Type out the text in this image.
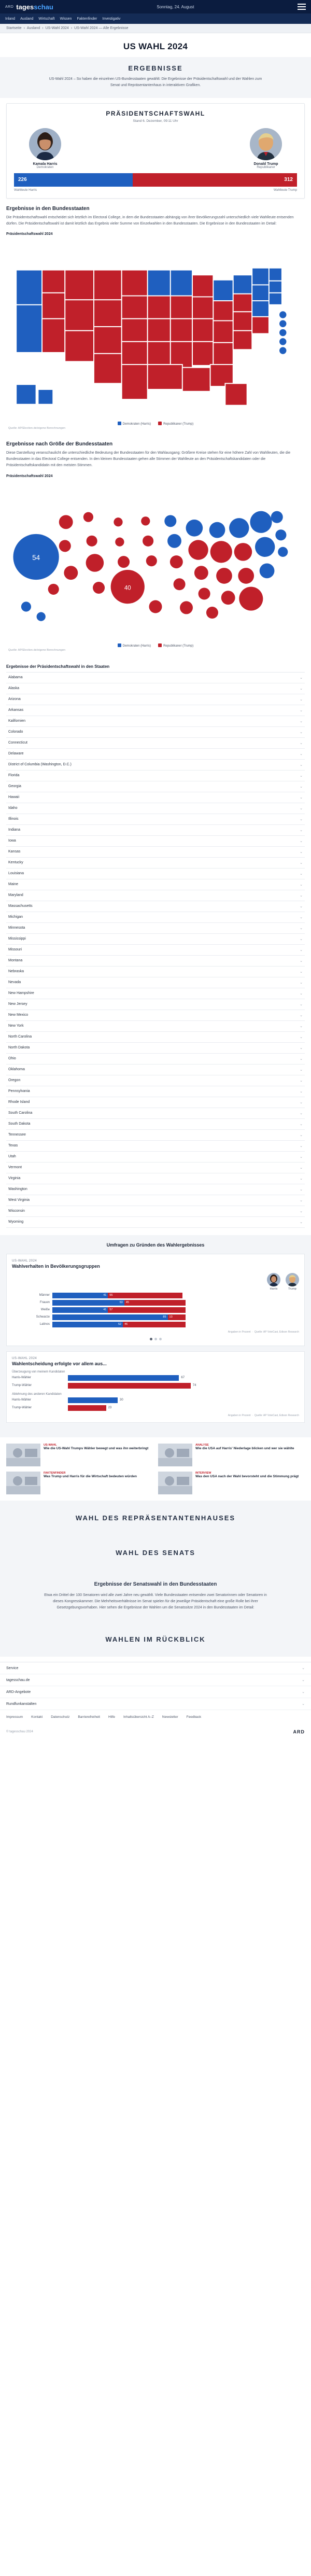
ARD tagesschau	Sonntag, 24. August
Inland Ausland Wirtschaft Wissen Faktenfinder Investigativ
Startseite › Ausland › US-Wahl 2024 › US-Wahl 2024 — Alle Ergebnisse
US WAHL 2024
ERGEBNISSE

US-Wahl 2024 – So haben die einzelnen US-Bundesstaaten gewählt: Die Ergebnisse der Präsidentschaftswahl und der Wahlen zum Senat und Repräsentantenhaus in interaktiven Grafiken.

PRÄSIDENTSCHAFTSWAHL
Stand 6. Dezember, 09:11 Uhr
Kamala Harris
Demokraten

Donald Trump
Republikaner
226	312
Wahlleute Harris	Wahlleute Trump
Ergebnisse in den Bundesstaaten

Die Präsidentschaftswahl entscheidet sich letztlich im Electoral College, in dem die Bundesstaaten abhängig von ihrer Bevölkerungszahl unterschiedlich viele Wahlleute entsenden dürfen. Die Präsidentschaftswahl ist damit letztlich das Ergebnis vieler Summe von Einzelwahlen in den Bundesstaaten. Die Ergebnisse in den Bundesstaaten im Detail:

Präsidentschaftswahl 2024
Demokraten (Harris)	Republikaner (Trump)
Quelle: AP/Election.de/eigene Berechnungen
Ergebnisse nach Größe der Bundesstaaten

Diese Darstellung veranschaulicht die unterschiedliche Bedeutung der Bundesstaaten für den Wahlausgang: Größere Kreise stehen für eine höhere Zahl von Wahlleuten, die die Bundesstaaten in das Electoral College entsenden. In den kleinen Bundesstaaten gehen alle Stimmen der Wahlleute an den Präsidentschaftskandidaten oder die Präsidentschaftskandidatin mit den meisten Stimmen.

Präsidentschaftswahl 2024
54
40
Demokraten (Harris)	Republikaner (Trump)
Quelle: AP/Election.de/eigene Berechnungen
Ergebnisse der Präsidentschaftswahl in den Staaten
Alabama	⌄
Alaska	⌄
Arizona	⌄
Arkansas	⌄
Kalifornien	⌄
Colorado	⌄
Connecticut	⌄
Delaware	⌄
District of Columbia (Washington, D.C.)	⌄
Florida	⌄
Georgia	⌄
Hawaii	⌄
Idaho	⌄
Illinois	⌄
Indiana	⌄
Iowa	⌄
Kansas	⌄
Kentucky	⌄
Louisiana	⌄
Maine	⌄
Maryland	⌄
Massachusetts	⌄
Michigan	⌄
Minnesota	⌄
Mississippi	⌄
Missouri	⌄
Montana	⌄
Nebraska	⌄
Nevada	⌄
New Hampshire	⌄
New Jersey	⌄
New Mexico	⌄
New York	⌄
North Carolina	⌄
North Dakota	⌄
Ohio	⌄
Oklahoma	⌄
Oregon	⌄
Pennsylvania	⌄
Rhode Island	⌄
South Carolina	⌄
South Dakota	⌄
Tennessee	⌄
Texas	⌄
Utah	⌄
Vermont	⌄
Virginia	⌄
Washington	⌄
West Virginia	⌄
Wisconsin	⌄
Wyoming	⌄
Umfragen zu Gründen des Wahlergebnisses
US-WAHL 2024
Wahlverhalten in Bevölkerungsgruppen
Harris	Trump
Männer	41	55
Frauen	53	45
Weiße	41	57
Schwarze	85	13
Latinos	52	46
Angaben in Prozent  ·  Quelle: AP VoteCast, Edison Research
US-WAHL 2024
Wahlentscheidung erfolgte vor allem aus...
Überzeugung von meinem Kandidaten
Harris-Wähler	67
Trump-Wähler	74
Ablehnung des anderen Kandidaten
Harris-Wähler	30
Trump-Wähler	23
Angaben in Prozent  ·  Quelle: AP VoteCast, Edison Research
US-WAHL
Wie die US-Wahl Trumps Wähler bewegt und was ihn weiterbringt
ANALYSE
Wie die USA auf Harris' Niederlage blicken und wer sie wählte
FAKTENFINDER
Was Trump und Harris für die Wirtschaft bedeuten würden
INTERVIEW
Was den USA nach der Wahl bevorsteht und die Stimmung prägt
WAHL DES REPRÄSENTANTENHAUSES
WAHL DES SENATS
Ergebnisse der Senatswahl in den Bundesstaaten

Etwa ein Drittel der 100 Senatoren wird alle zwei Jahre neu gewählt. Viele Bundesstaaten entsenden zwei Senatorinnen oder Senatoren in dieses Kongresskammer. Die Mehrheitsverhältnisse im Senat spielen für die jeweilige Präsidentschaft eine große Rolle bei ihrer Gesetzgebungsvorhaben. Hier sehen die Ergebnisse der Wahlen um die Senatssitze 2024 in den Bundesstaaten im Detail:

WAHLEN IM RÜCKBLICK
Service	⌄
tagesschau.de	⌄
ARD-Angebote	⌄
Rundfunkanstalten	⌄
Impressum Kontakt Datenschutz Barrierefreiheit Hilfe Inhaltsübersicht A–Z Newsletter Feedback
© tagesschau 2024	ARD
